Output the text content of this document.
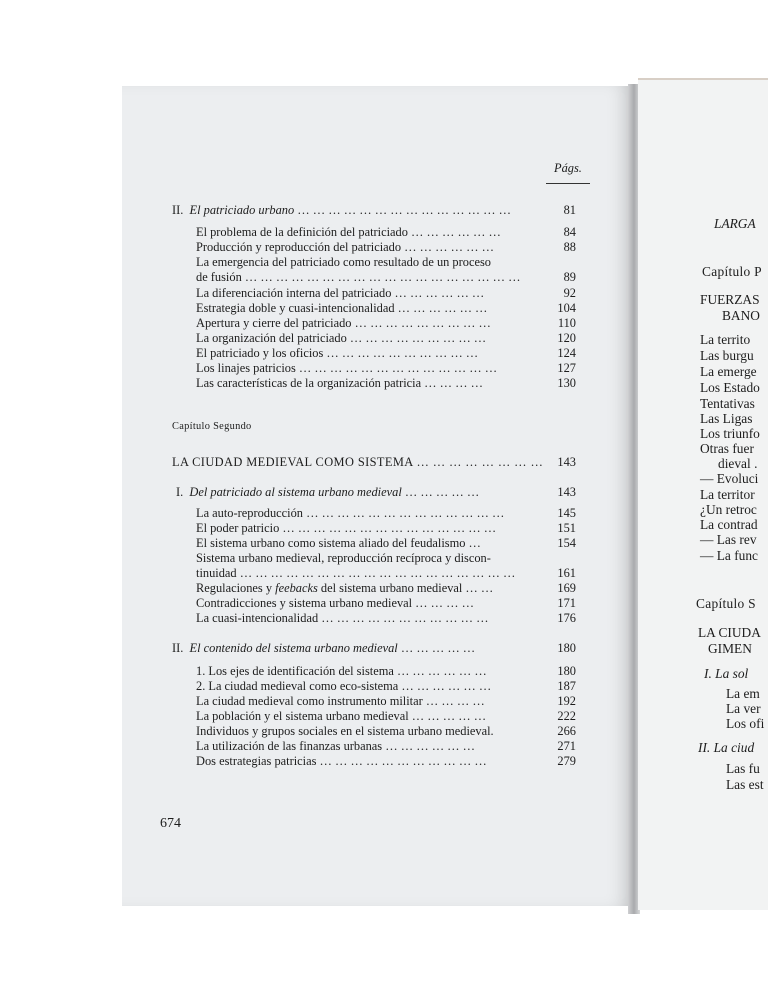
LARGA
Capítulo P
FUERZAS
BANO
La territo
Las burgu
La emerge
Los Estado
Tentativas
Las Ligas
Los triunfo
Otras fuer
dieval .
— Evoluci
La territor
¿Un retroc
La contrad
— Las rev
— La func
Capítulo S
LA CIUDA
GIMEN
I. La sol
La em
La ver
Los ofi
II. La ciud
Las fu
Las est
Págs.
II.  El patriciado urbano … … … … … … … … … … … … … …	81
El problema de la definición del patriciado … … … … … …	84
Producción y reproducción del patriciado … … … … … …	88
La emergencia del patriciado como resultado de un proceso
de fusión … … … … … … … … … … … … … … … … … …	89
La diferenciación interna del patriciado … … … … … …	92
Estrategia doble y cuasi-intencionalidad … … … … … …	104
Apertura y cierre del patriciado … … … … … … … … …	110
La organización del patriciado … … … … … … … … …	120
El patriciado y los oficios … … … … … … … … … …	124
Los linajes patricios … … … … … … … … … … … … …	127
Las características de la organización patricia … … … …	130
Capítulo Segundo
LA CIUDAD MEDIEVAL COMO SISTEMA … … … … … … … …	143
I.  Del patriciado al sistema urbano medieval … … … … …	143
La auto-reproducción … … … … … … … … … … … … …	145
El poder patricio … … … … … … … … … … … … … …	151
El sistema urbano como sistema aliado del feudalismo …	154
Sistema urbano medieval, reproducción recíproca y discon-
tinuidad … … … … … … … … … … … … … … … … … …	161
Regulaciones y feebacks del sistema urbano medieval … …	169
Contradicciones y sistema urbano medieval … … … …	171
La cuasi-intencionalidad … … … … … … … … … … …	176
II.  El contenido del sistema urbano medieval … … … … …	180
1. Los ejes de identificación del sistema … … … … … …	180
2. La ciudad medieval como eco-sistema … … … … … …	187
La ciudad medieval como instrumento militar … … … …	192
La población y el sistema urbano medieval … … … … …	222
Individuos y grupos sociales en el sistema urbano medieval.	266
La utilización de las finanzas urbanas … … … … … …	271
Dos estrategias patricias … … … … … … … … … … …	279
674
